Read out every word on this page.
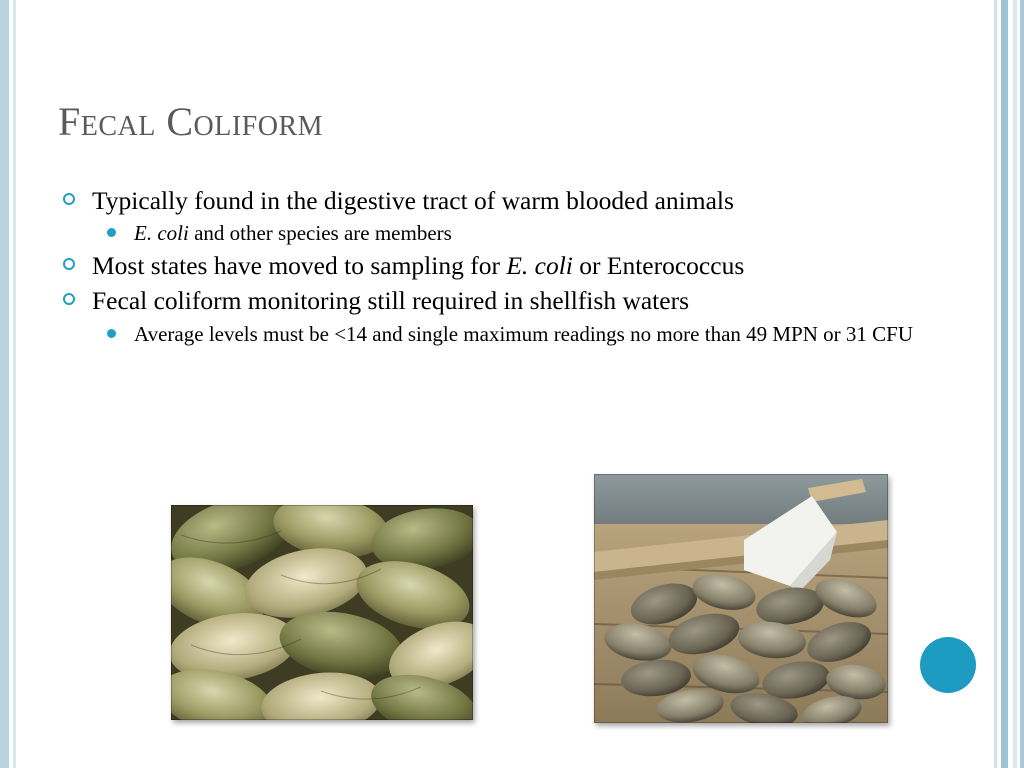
Fecal Coliform
Typically found in the digestive tract of warm blooded animals
E. coli and other species are members
Most states have moved to sampling for E. coli or Enterococcus
Fecal coliform monitoring still required in shellfish waters
Average levels must be <14 and single maximum readings no more than 49 MPN or 31 CFU
